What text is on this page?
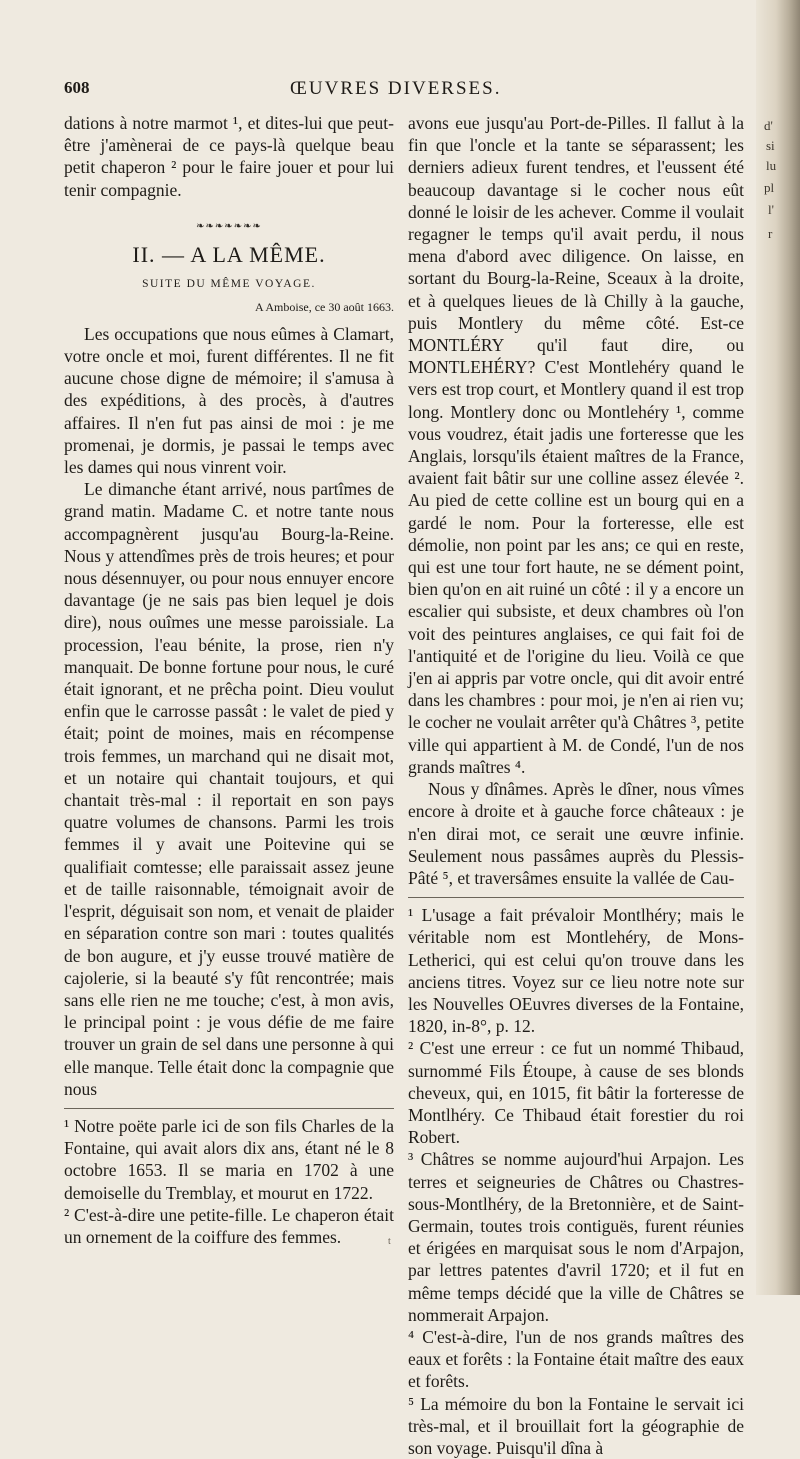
d'
si
lu
pl
l'
r
608	ŒUVRES DIVERSES.

dations à notre marmot ¹, et dites-lui que peut-être j'amènerai de ce pays-là quelque beau petit chaperon ² pour le faire jouer et pour lui tenir compagnie.

❧❧❧❧❧❧❧
II. — A LA MÊME.
SUITE DU MÊME VOYAGE.
A Amboise, ce 30 août 1663.

Les occupations que nous eûmes à Clamart, votre oncle et moi, furent différentes. Il ne fit aucune chose digne de mémoire; il s'amusa à des expéditions, à des procès, à d'autres affaires. Il n'en fut pas ainsi de moi : je me promenai, je dormis, je passai le temps avec les dames qui nous vinrent voir.

Le dimanche étant arrivé, nous partîmes de grand matin. Madame C. et notre tante nous accompagnèrent jusqu'au Bourg-la-Reine. Nous y attendîmes près de trois heures; et pour nous désennuyer, ou pour nous ennuyer encore davantage (je ne sais pas bien lequel je dois dire), nous ouîmes une messe paroissiale. La procession, l'eau bénite, la prose, rien n'y manquait. De bonne fortune pour nous, le curé était ignorant, et ne prêcha point. Dieu voulut enfin que le carrosse passât : le valet de pied y était; point de moines, mais en récompense trois femmes, un marchand qui ne disait mot, et un notaire qui chantait toujours, et qui chantait très-mal : il reportait en son pays quatre volumes de chansons. Parmi les trois femmes il y avait une Poitevine qui se qualifiait comtesse; elle paraissait assez jeune et de taille raisonnable, témoignait avoir de l'esprit, déguisait son nom, et venait de plaider en séparation contre son mari : toutes qualités de bon augure, et j'y eusse trouvé matière de cajolerie, si la beauté s'y fût rencontrée; mais sans elle rien ne me touche; c'est, à mon avis, le principal point : je vous défie de me faire trouver un grain de sel dans une personne à qui elle manque. Telle était donc la compagnie que nous

¹ Notre poëte parle ici de son fils Charles de la Fontaine, qui avait alors dix ans, étant né le 8 octobre 1653. Il se maria en 1702 à une demoiselle du Tremblay, et mourut en 1722.

² C'est-à-dire une petite-fille. Le chaperon était un ornement de la coiffure des femmes.

avons eue jusqu'au Port-de-Pilles. Il fallut à la fin que l'oncle et la tante se séparassent; les derniers adieux furent tendres, et l'eussent été beaucoup davantage si le cocher nous eût donné le loisir de les achever. Comme il voulait regagner le temps qu'il avait perdu, il nous mena d'abord avec diligence. On laisse, en sortant du Bourg-la-Reine, Sceaux à la droite, et à quelques lieues de là Chilly à la gauche, puis Montlery du même côté. Est-ce MONTLÉRY qu'il faut dire, ou MONTLEHÉRY? C'est Montlehéry quand le vers est trop court, et Montlery quand il est trop long. Montlery donc ou Montlehéry ¹, comme vous voudrez, était jadis une forteresse que les Anglais, lorsqu'ils étaient maîtres de la France, avaient fait bâtir sur une colline assez élevée ². Au pied de cette colline est un bourg qui en a gardé le nom. Pour la forteresse, elle est démolie, non point par les ans; ce qui en reste, qui est une tour fort haute, ne se dément point, bien qu'on en ait ruiné un côté : il y a encore un escalier qui subsiste, et deux chambres où l'on voit des peintures anglaises, ce qui fait foi de l'antiquité et de l'origine du lieu. Voilà ce que j'en ai appris par votre oncle, qui dit avoir entré dans les chambres : pour moi, je n'en ai rien vu; le cocher ne voulait arrêter qu'à Châtres ³, petite ville qui appartient à M. de Condé, l'un de nos grands maîtres ⁴.

Nous y dînâmes. Après le dîner, nous vîmes encore à droite et à gauche force châteaux : je n'en dirai mot, ce serait une œuvre infinie. Seulement nous passâmes auprès du Plessis-Pâté ⁵, et traversâmes ensuite la vallée de Cau-

¹ L'usage a fait prévaloir Montlhéry; mais le véritable nom est Montlehéry, de Mons-Letherici, qui est celui qu'on trouve dans les anciens titres. Voyez sur ce lieu notre note sur les Nouvelles OEuvres diverses de la Fontaine, 1820, in-8°, p. 12.

² C'est une erreur : ce fut un nommé Thibaud, surnommé Fils Étoupe, à cause de ses blonds cheveux, qui, en 1015, fit bâtir la forteresse de Montlhéry. Ce Thibaud était forestier du roi Robert.

³ Châtres se nomme aujourd'hui Arpajon. Les terres et seigneuries de Châtres ou Chastres-sous-Montlhéry, de la Bretonnière, et de Saint-Germain, toutes trois contiguës, furent réunies et érigées en marquisat sous le nom d'Arpajon, par lettres patentes d'avril 1720; et il fut en même temps décidé que la ville de Châtres se nommerait Arpajon.

⁴ C'est-à-dire, l'un de nos grands maîtres des eaux et forêts : la Fontaine était maître des eaux et forêts.

⁵ La mémoire du bon la Fontaine le servait ici très-mal, et il brouillait fort la géographie de son voyage. Puisqu'il dîna à

t
